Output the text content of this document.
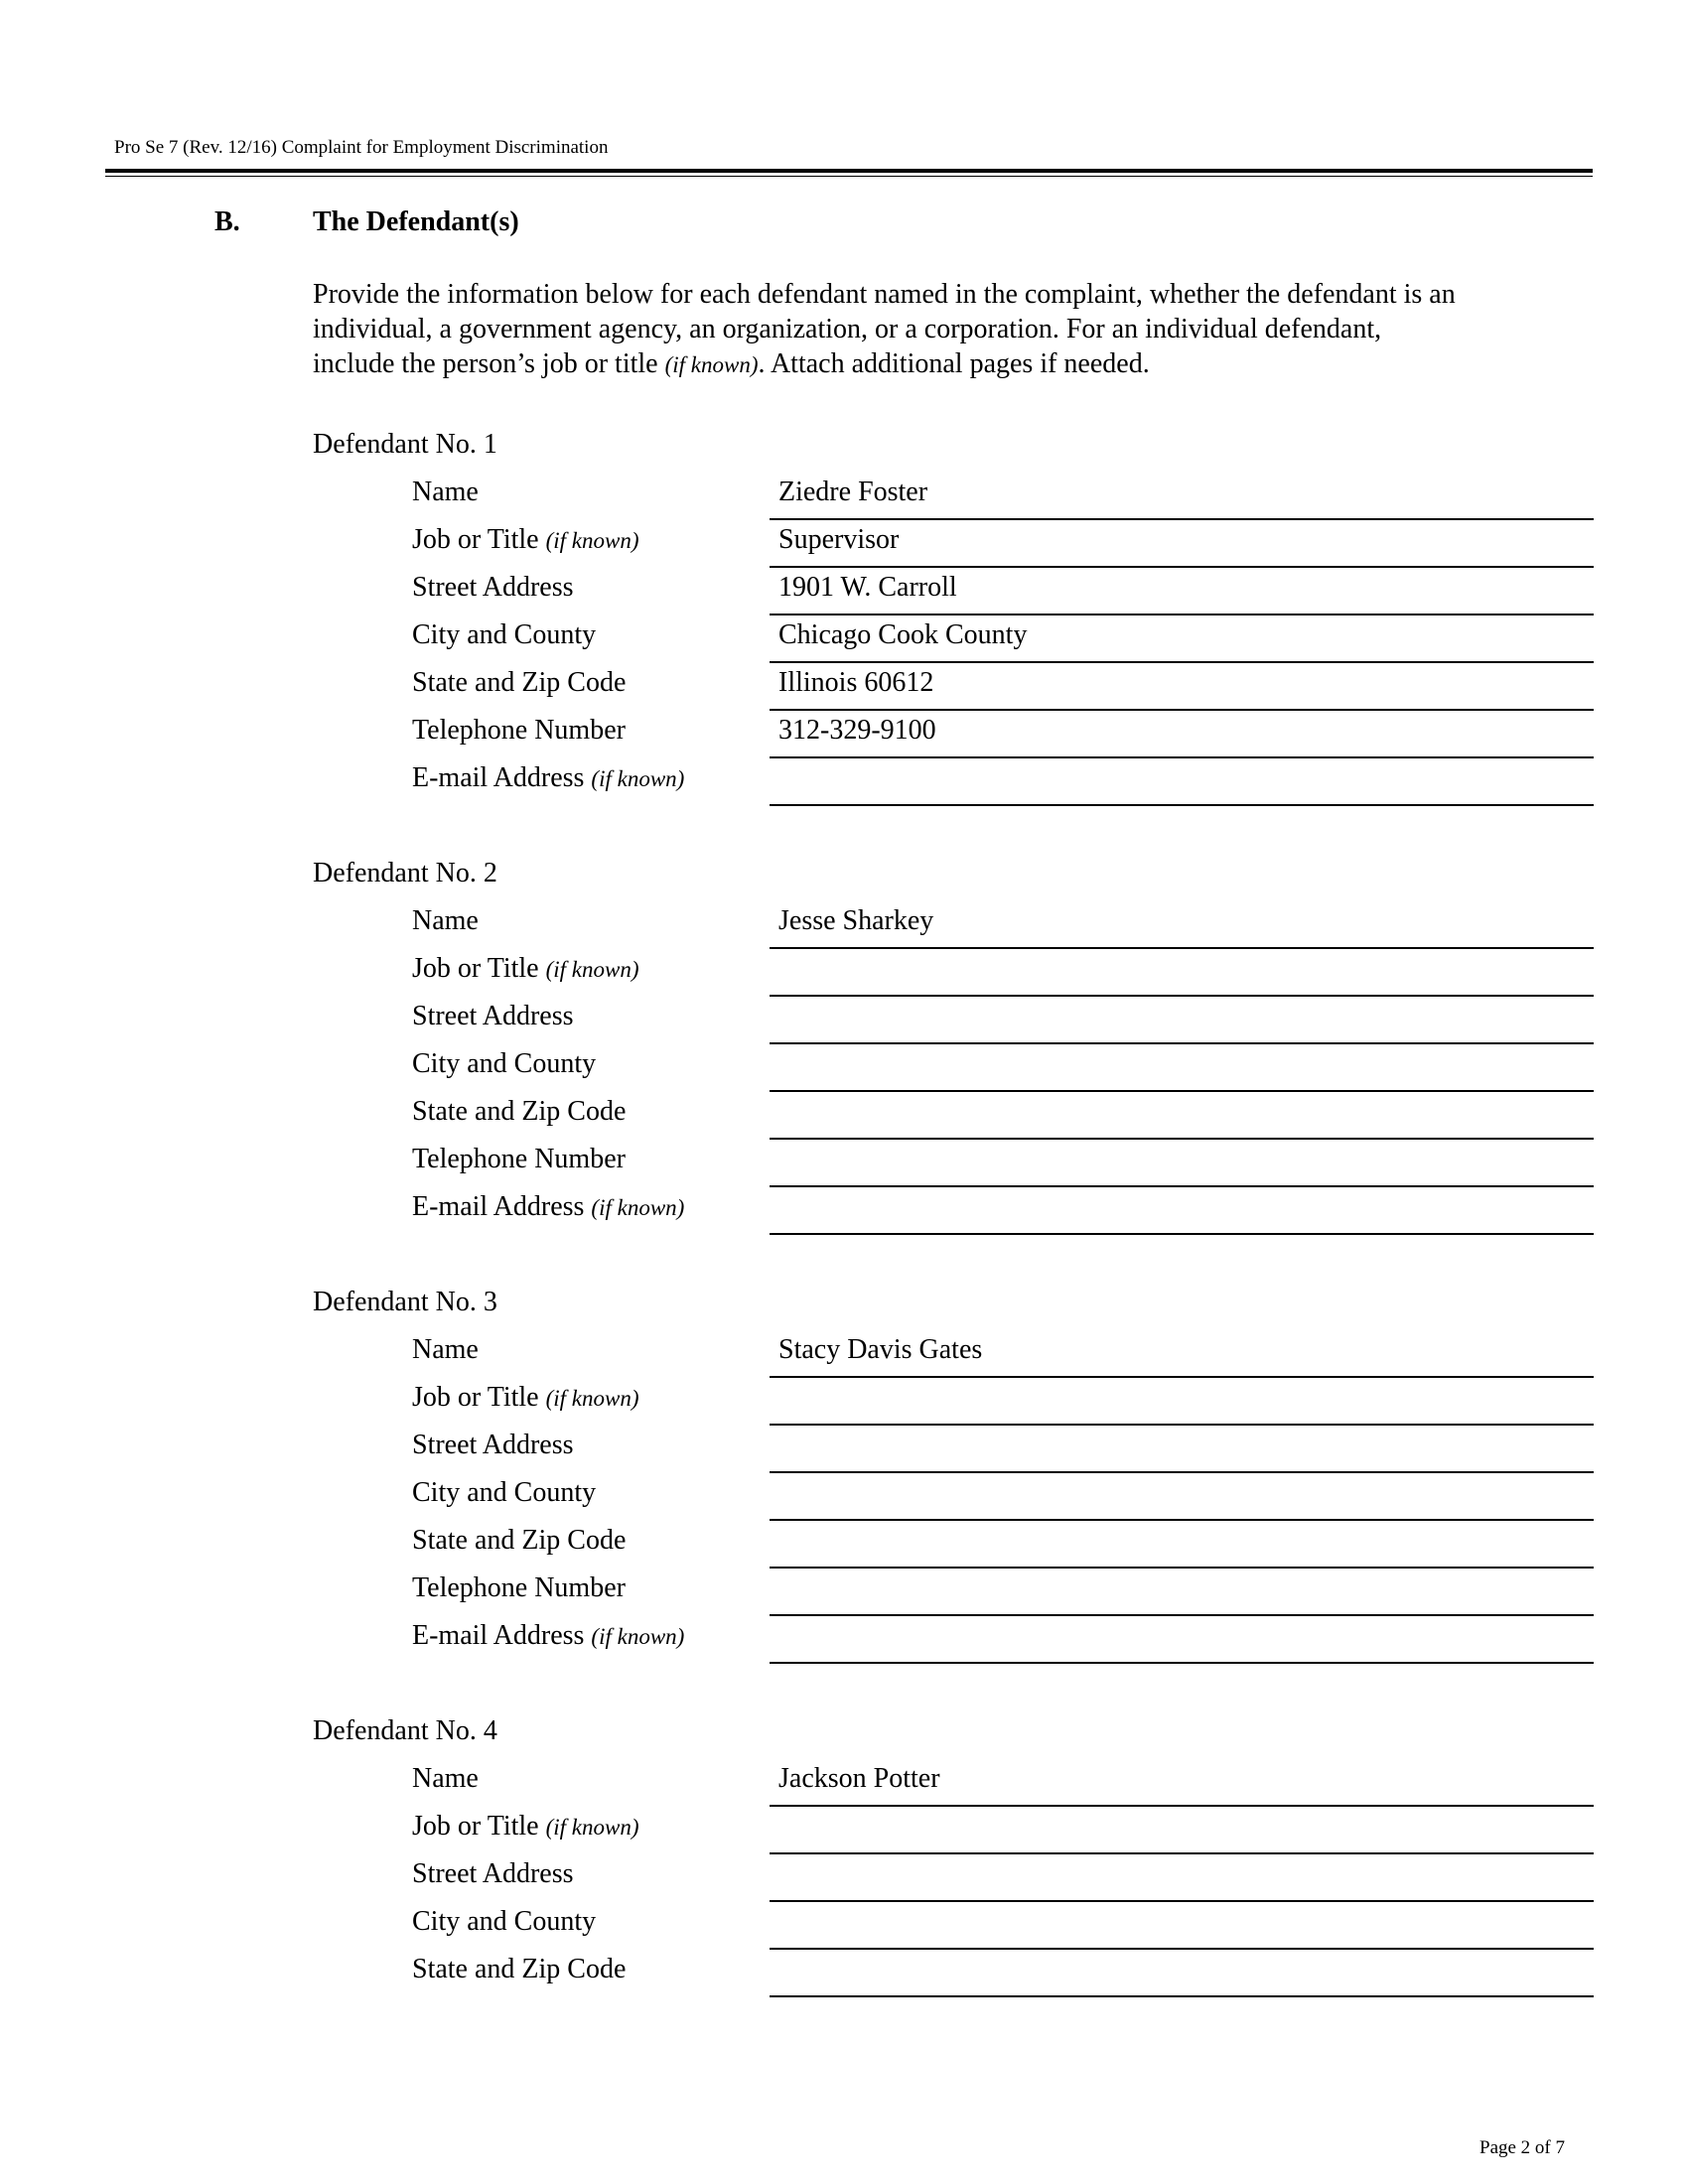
Pro Se 7 (Rev. 12/16) Complaint for Employment Discrimination
B.	The Defendant(s)
Provide the information below for each defendant named in the complaint, whether the defendant is an
individual, a government agency, an organization, or a corporation. For an individual defendant,
include the person’s job or title (if known). Attach additional pages if needed.
Defendant No. 1
Name	Ziedre Foster
Job or Title (if known)	Supervisor
Street Address	1901 W. Carroll
City and County	Chicago Cook County
State and Zip Code	Illinois 60612
Telephone Number	312-329-9100
E-mail Address (if known)
Defendant No. 2
Name	Jesse Sharkey
Job or Title (if known)
Street Address
City and County
State and Zip Code
Telephone Number
E-mail Address (if known)
Defendant No. 3
Name	Stacy Davis Gates
Job or Title (if known)
Street Address
City and County
State and Zip Code
Telephone Number
E-mail Address (if known)
Defendant No. 4
Name	Jackson Potter
Job or Title (if known)
Street Address
City and County
State and Zip Code
Page 2 of 7
